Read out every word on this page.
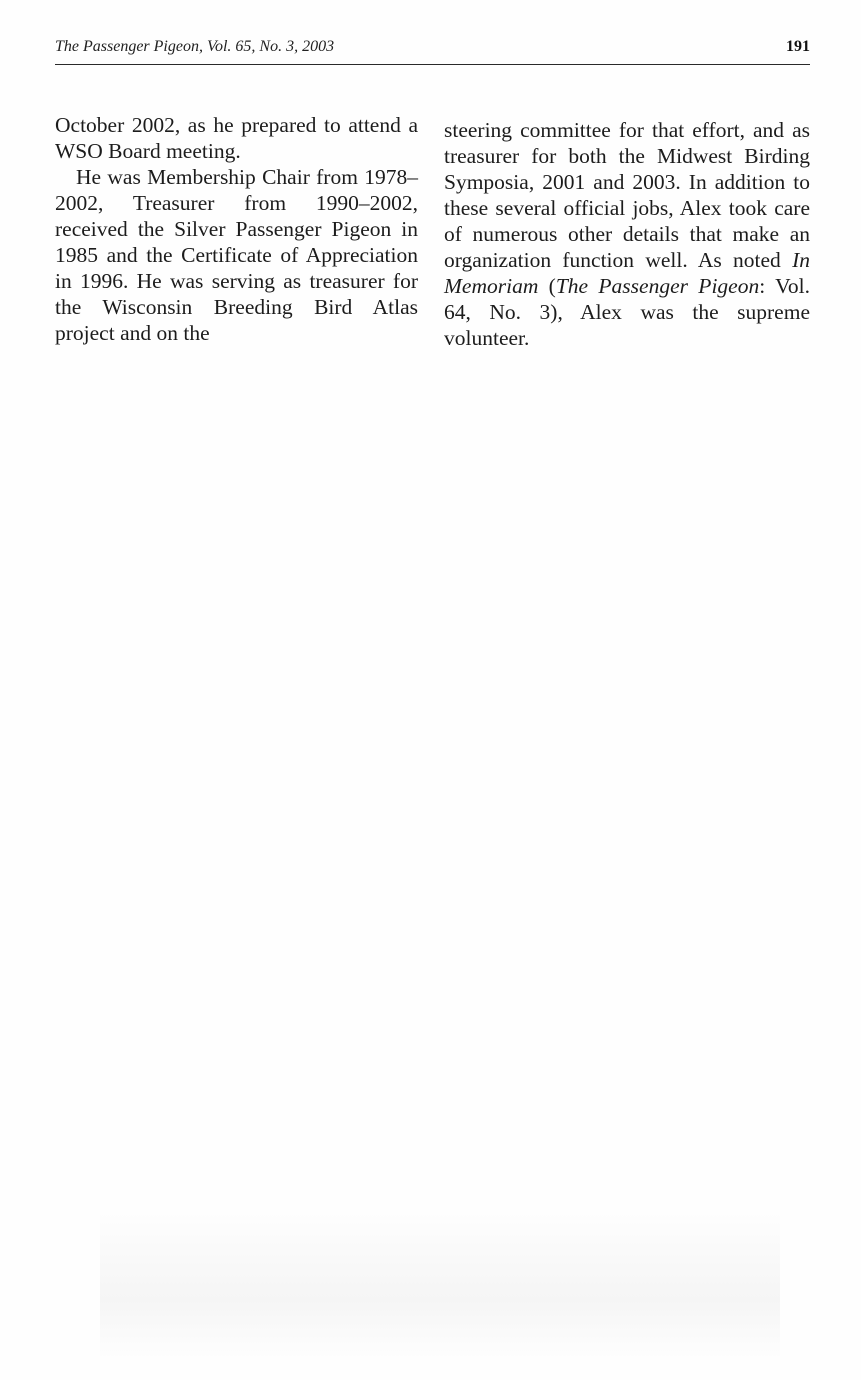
The Passenger Pigeon, Vol. 65, No. 3, 2003	191

October 2002, as he prepared to attend a WSO Board meeting.

He was Membership Chair from 1978–2002, Treasurer from 1990–2002, received the Silver Passenger Pigeon in 1985 and the Certificate of Appreciation in 1996. He was serving as treasurer for the Wisconsin Breeding Bird Atlas project and on the

steering committee for that effort, and as treasurer for both the Midwest Birding Symposia, 2001 and 2003. In addition to these several official jobs, Alex took care of numerous other details that make an organization function well. As noted In Memoriam (The Passenger Pigeon: Vol. 64, No. 3), Alex was the supreme volunteer.
